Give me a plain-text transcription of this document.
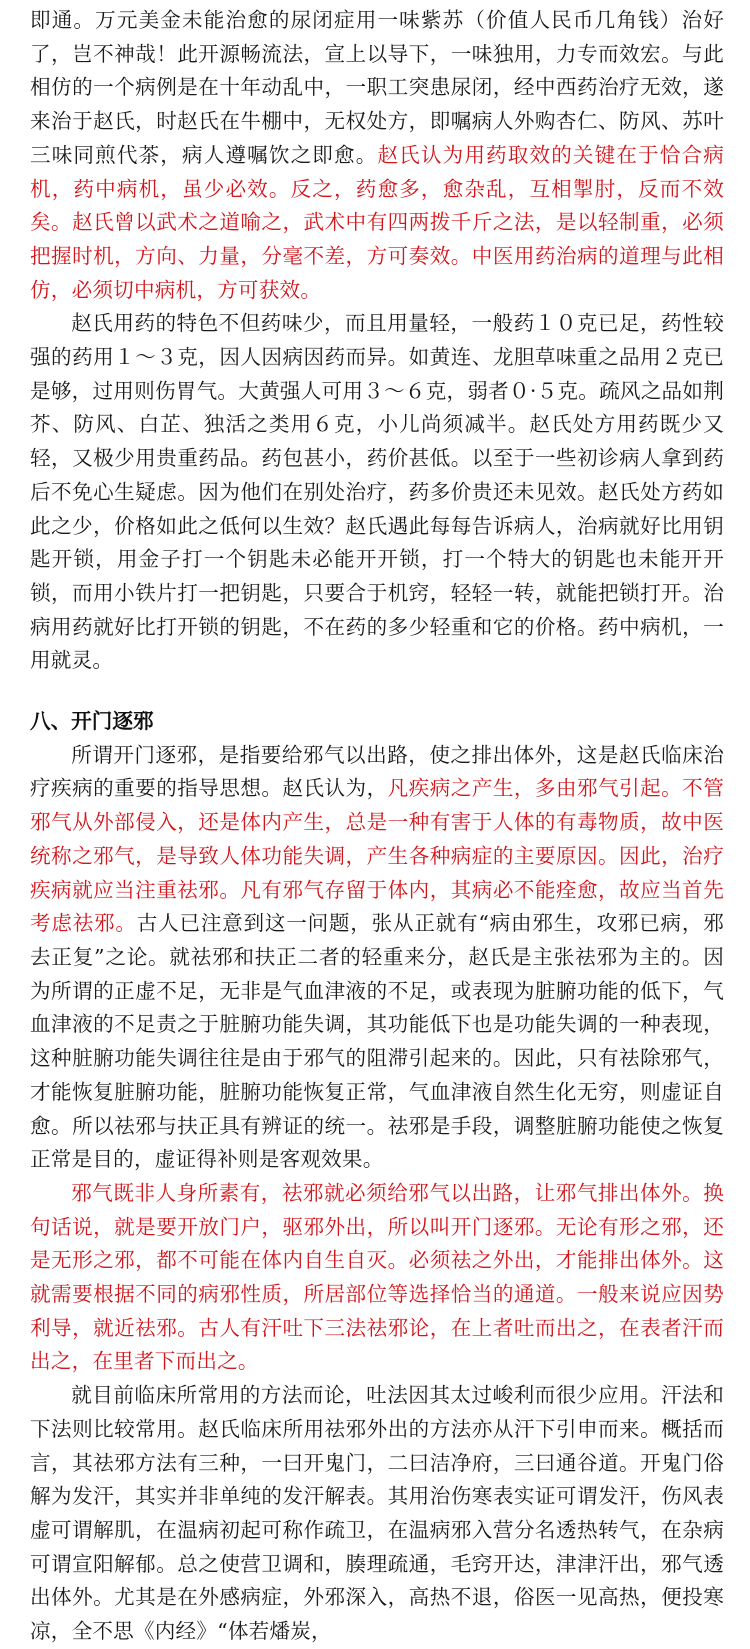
即通。万元美金未能治愈的尿闭症用一味紫苏（价值人民币几角钱）治好了，岂不神哉！此开源畅流法，宣上以导下，一味独用，力专而效宏。与此相仿的一个病例是在十年动乱中，一职工突患尿闭，经中西药治疗无效，遂来治于赵氏，时赵氏在牛棚中，无权处方，即嘱病人外购杏仁、防风、苏叶三味同煎代茶，病人遵嘱饮之即愈。赵氏认为用药取效的关键在于恰合病机，药中病机，虽少必效。反之，药愈多，愈杂乱，互相掣肘，反而不效矣。赵氏曾以武术之道喻之，武术中有四两拨千斤之法，是以轻制重，必须把握时机，方向、力量，分毫不差，方可奏效。中医用药治病的道理与此相仿，必须切中病机，方可获效。

赵氏用药的特色不但药味少，而且用量轻，一般药１０克已足，药性较强的药用１～３克，因人因病因药而异。如黄连、龙胆草味重之品用２克已是够，过用则伤胃气。大黄强人可用３～６克，弱者０·５克。疏风之品如荆芥、防风、白芷、独活之类用６克，小儿尚须减半。赵氏处方用药既少又轻，又极少用贵重药品。药包甚小，药价甚低。以至于一些初诊病人拿到药后不免心生疑虑。因为他们在别处治疗，药多价贵还未见效。赵氏处方药如此之少，价格如此之低何以生效？赵氏遇此每每告诉病人，治病就好比用钥匙开锁，用金子打一个钥匙未必能开开锁，打一个特大的钥匙也未能开开锁，而用小铁片打一把钥匙，只要合于机窍，轻轻一转，就能把锁打开。治病用药就好比打开锁的钥匙，不在药的多少轻重和它的价格。药中病机，一用就灵。

八、开门逐邪

所谓开门逐邪，是指要给邪气以出路，使之排出体外，这是赵氏临床治疗疾病的重要的指导思想。赵氏认为，凡疾病之产生，多由邪气引起。不管邪气从外部侵入，还是体内产生，总是一种有害于人体的有毒物质，故中医统称之邪气，是导致人体功能失调，产生各种病症的主要原因。因此，治疗疾病就应当注重祛邪。凡有邪气存留于体内，其病必不能痊愈，故应当首先考虑祛邪。古人已注意到这一问题，张从正就有“病由邪生，攻邪已病，邪去正复”之论。就祛邪和扶正二者的轻重来分，赵氏是主张祛邪为主的。因为所谓的正虚不足，无非是气血津液的不足，或表现为脏腑功能的低下，气血津液的不足责之于脏腑功能失调，其功能低下也是功能失调的一种表现，这种脏腑功能失调往往是由于邪气的阻滞引起来的。因此，只有祛除邪气，才能恢复脏腑功能，脏腑功能恢复正常，气血津液自然生化无穷，则虚证自愈。所以祛邪与扶正具有辨证的统一。祛邪是手段，调整脏腑功能使之恢复正常是目的，虚证得补则是客观效果。

邪气既非人身所素有，祛邪就必须给邪气以出路，让邪气排出体外。换句话说，就是要开放门户，驱邪外出，所以叫开门逐邪。无论有形之邪，还是无形之邪，都不可能在体内自生自灭。必须祛之外出，才能排出体外。这就需要根据不同的病邪性质，所居部位等选择恰当的通道。一般来说应因势利导，就近祛邪。古人有汗吐下三法祛邪论，在上者吐而出之，在表者汗而出之，在里者下而出之。

就目前临床所常用的方法而论，吐法因其太过峻利而很少应用。汗法和下法则比较常用。赵氏临床所用祛邪外出的方法亦从汗下引申而来。概括而言，其祛邪方法有三种，一曰开鬼门，二曰洁净府，三曰通谷道。开鬼门俗解为发汗，其实并非单纯的发汗解表。其用治伤寒表实证可谓发汗，伤风表虚可谓解肌，在温病初起可称作疏卫，在温病邪入营分名透热转气，在杂病可谓宣阳解郁。总之使营卫调和，腠理疏通，毛窍开达，津津汗出，邪气透出体外。尤其是在外感病症，外邪深入，高热不退，俗医一见高热，便投寒凉，全不思《内经》“体若燔炭，
